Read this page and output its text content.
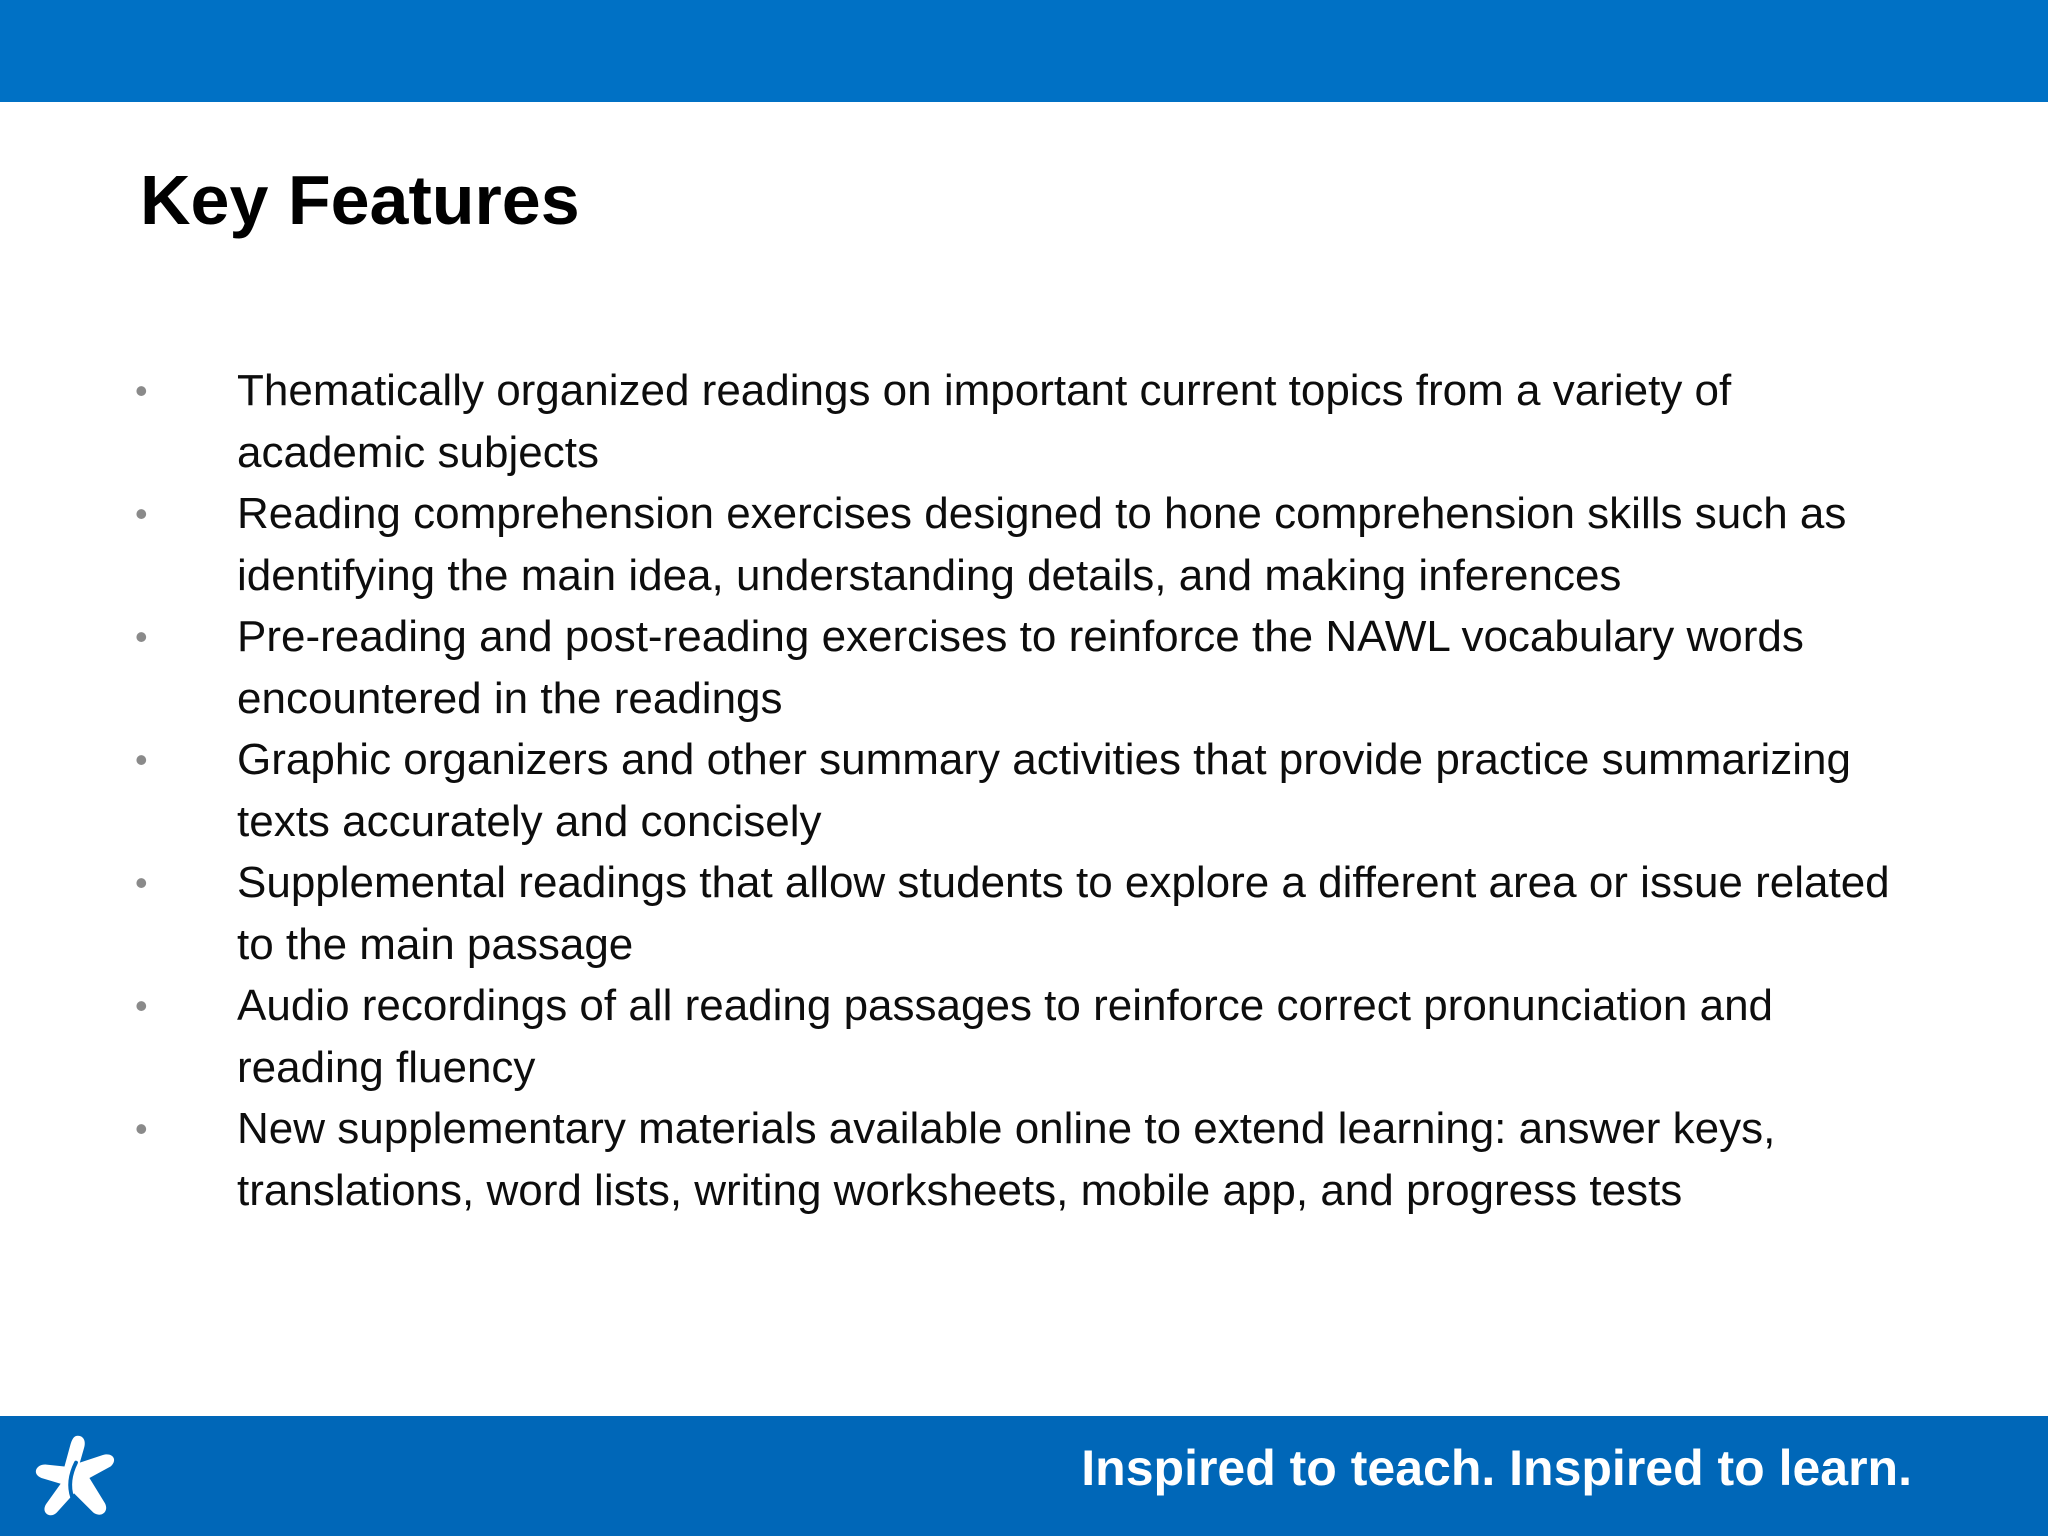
Key Features
• Thematically organized readings on important current topics from a variety of academic subjects
• Reading comprehension exercises designed to hone comprehension skills such as identifying the main idea, understanding details, and making inferences
• Pre-reading and post-reading exercises to reinforce the NAWL vocabulary words encountered in the readings
• Graphic organizers and other summary activities that provide practice summarizing texts accurately and concisely
• Supplemental readings that allow students to explore a different area or issue related to the main passage
• Audio recordings of all reading passages to reinforce correct pronunciation and reading fluency
• New supplementary materials available online to extend learning: answer keys, translations, word lists, writing worksheets, mobile app, and progress tests
Inspired to teach. Inspired to learn.
